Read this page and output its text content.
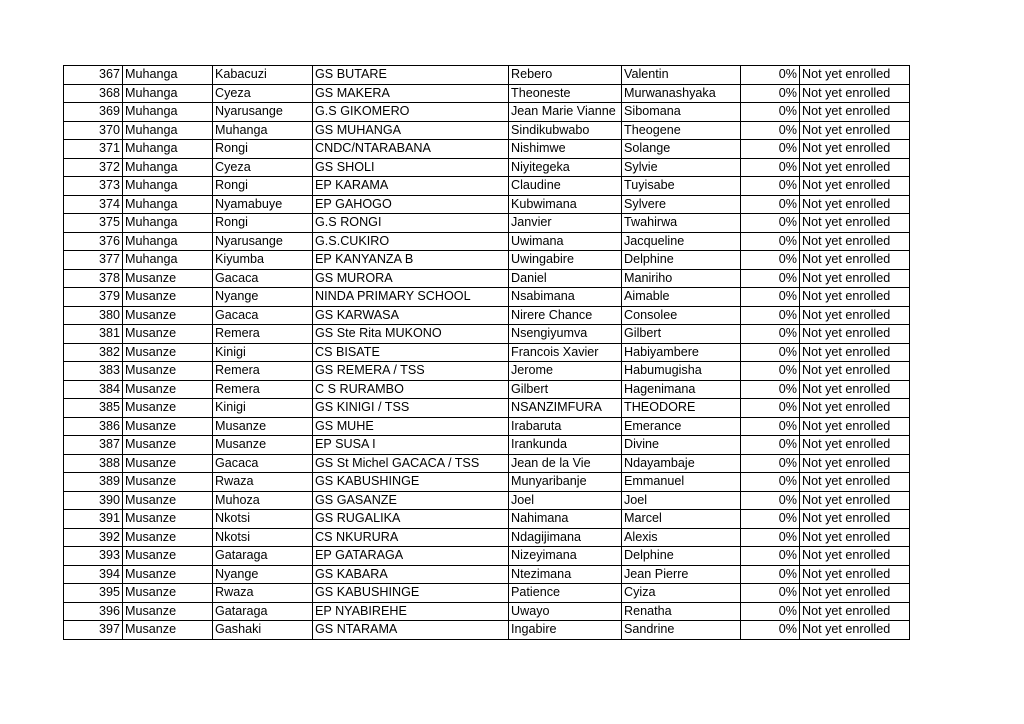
367	Muhanga	Kabacuzi	GS BUTARE	Rebero	Valentin	0%	Not yet enrolled
368	Muhanga	Cyeza	GS MAKERA	Theoneste	Murwanashyaka	0%	Not yet enrolled
369	Muhanga	Nyarusange	G.S GIKOMERO	Jean Marie Vianne	Sibomana	0%	Not yet enrolled
370	Muhanga	Muhanga	GS MUHANGA	Sindikubwabo	Theogene	0%	Not yet enrolled
371	Muhanga	Rongi	CNDC/NTARABANA	Nishimwe	Solange	0%	Not yet enrolled
372	Muhanga	Cyeza	GS SHOLI	Niyitegeka	Sylvie	0%	Not yet enrolled
373	Muhanga	Rongi	EP KARAMA	Claudine	Tuyisabe	0%	Not yet enrolled
374	Muhanga	Nyamabuye	EP GAHOGO	Kubwimana	Sylvere	0%	Not yet enrolled
375	Muhanga	Rongi	G.S RONGI	Janvier	Twahirwa	0%	Not yet enrolled
376	Muhanga	Nyarusange	G.S.CUKIRO	Uwimana	Jacqueline	0%	Not yet enrolled
377	Muhanga	Kiyumba	EP KANYANZA B	Uwingabire	Delphine	0%	Not yet enrolled
378	Musanze	Gacaca	GS MURORA	Daniel	Maniriho	0%	Not yet enrolled
379	Musanze	Nyange	NINDA PRIMARY SCHOOL	Nsabimana	Aimable	0%	Not yet enrolled
380	Musanze	Gacaca	GS KARWASA	Nirere Chance	Consolee	0%	Not yet enrolled
381	Musanze	Remera	GS Ste Rita MUKONO	Nsengiyumva	Gilbert	0%	Not yet enrolled
382	Musanze	Kinigi	CS BISATE	Francois Xavier	Habiyambere	0%	Not yet enrolled
383	Musanze	Remera	GS REMERA / TSS	Jerome	Habumugisha	0%	Not yet enrolled
384	Musanze	Remera	C S RURAMBO	Gilbert	Hagenimana	0%	Not yet enrolled
385	Musanze	Kinigi	GS KINIGI / TSS	NSANZIMFURA	THEODORE	0%	Not yet enrolled
386	Musanze	Musanze	GS MUHE	Irabaruta	Emerance	0%	Not yet enrolled
387	Musanze	Musanze	EP SUSA I	Irankunda	Divine	0%	Not yet enrolled
388	Musanze	Gacaca	GS St Michel GACACA / TSS	Jean de la Vie	Ndayambaje	0%	Not yet enrolled
389	Musanze	Rwaza	GS KABUSHINGE	Munyaribanje	Emmanuel	0%	Not yet enrolled
390	Musanze	Muhoza	GS GASANZE	Joel	Joel	0%	Not yet enrolled
391	Musanze	Nkotsi	GS RUGALIKA	Nahimana	Marcel	0%	Not yet enrolled
392	Musanze	Nkotsi	CS NKURURA	Ndagijimana	Alexis	0%	Not yet enrolled
393	Musanze	Gataraga	EP GATARAGA	Nizeyimana	Delphine	0%	Not yet enrolled
394	Musanze	Nyange	GS KABARA	Ntezimana	Jean Pierre	0%	Not yet enrolled
395	Musanze	Rwaza	GS KABUSHINGE	Patience	Cyiza	0%	Not yet enrolled
396	Musanze	Gataraga	EP NYABIREHE	Uwayo	Renatha	0%	Not yet enrolled
397	Musanze	Gashaki	GS NTARAMA	Ingabire	Sandrine	0%	Not yet enrolled
